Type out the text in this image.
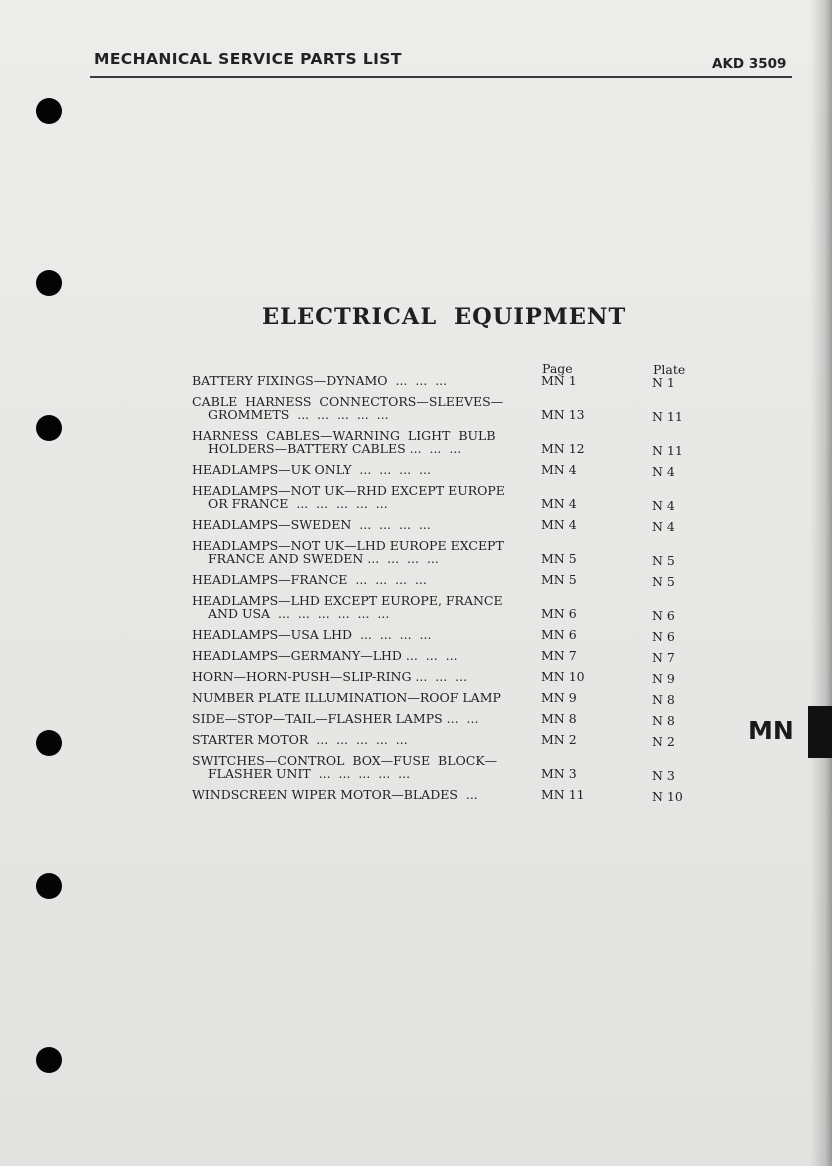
MECHANICAL SERVICE PARTS LIST	AKD 3509
ELECTRICAL EQUIPMENT
Page	Plate
BATTERY FIXINGS—DYNAMO  ...  ...  ...	MN 1	N 1
CABLE  HARNESS  CONNECTORS—SLEEVES—
GROMMETS  ...  ...  ...  ...  ...	MN 13	N 11
HARNESS  CABLES—WARNING  LIGHT  BULB
HOLDERS—BATTERY CABLES ...  ...  ...	MN 12	N 11
HEADLAMPS—UK ONLY  ...  ...  ...  ...	MN 4	N 4
HEADLAMPS—NOT UK—RHD EXCEPT EUROPE
OR FRANCE  ...  ...  ...  ...  ...	MN 4	N 4
HEADLAMPS—SWEDEN  ...  ...  ...  ...	MN 4	N 4
HEADLAMPS—NOT UK—LHD EUROPE EXCEPT
FRANCE AND SWEDEN ...  ...  ...  ...	MN 5	N 5
HEADLAMPS—FRANCE  ...  ...  ...  ...	MN 5	N 5
HEADLAMPS—LHD EXCEPT EUROPE, FRANCE
AND USA  ...  ...  ...  ...  ...  ...	MN 6	N 6
HEADLAMPS—USA LHD  ...  ...  ...  ...	MN 6	N 6
HEADLAMPS—GERMANY—LHD ...  ...  ...	MN 7	N 7
HORN—HORN-PUSH—SLIP-RING ...  ...  ...	MN 10	N 9
NUMBER PLATE ILLUMINATION—ROOF LAMP	MN 9	N 8
SIDE—STOP—TAIL—FLASHER LAMPS ...  ...	MN 8	N 8
STARTER MOTOR  ...  ...  ...  ...  ...	MN 2	N 2
SWITCHES—CONTROL  BOX—FUSE  BLOCK—
FLASHER UNIT  ...  ...  ...  ...  ...	MN 3	N 3
WINDSCREEN WIPER MOTOR—BLADES  ...	MN 11	N 10
MN
